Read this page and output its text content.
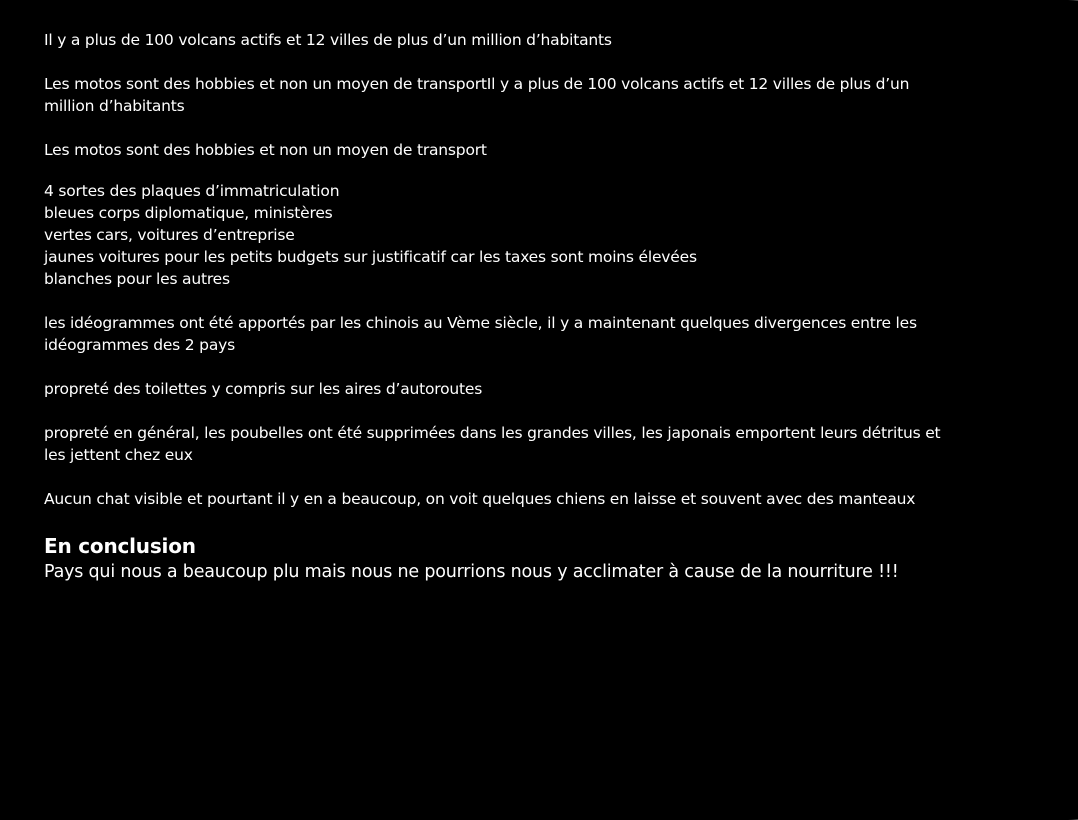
Il y a plus de 100 volcans actifs et 12 villes de plus d’un million d’habitants

Les motos sont des hobbies et non un moyen de transportIl y a plus de 100 volcans actifs et 12 villes de plus d’un million d’habitants

Les motos sont des hobbies et non un moyen de transport

4 sortes des plaques d’immatriculation
bleues corps diplomatique, ministères
vertes cars, voitures d’entreprise
jaunes voitures pour les petits budgets sur justificatif car les taxes sont moins élevées
blanches pour les autres

les idéogrammes ont été apportés par les chinois au Vème siècle, il y a maintenant quelques divergences entre les idéogrammes des 2 pays

propreté des toilettes y compris sur les aires d’autoroutes

propreté en général, les poubelles ont été supprimées dans les grandes villes, les japonais emportent leurs détritus et les jettent chez eux

Aucun chat visible et pourtant il y en a beaucoup, on voit quelques chiens en laisse et souvent avec des manteaux

En conclusion

Pays qui nous a beaucoup plu mais nous ne pourrions nous y acclimater à cause de la nourriture !!!
